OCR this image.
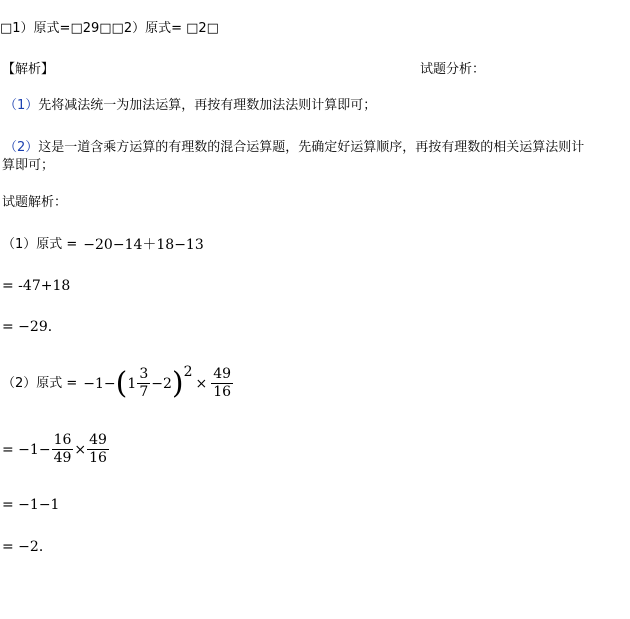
□1）原式=□29□□2）原式= □2□
【解析】	试题分析：
（1）先将减法统一为加法运算，再按有理数加法法则计算即可；
（2）这是一道含乘方运算的有理数的混合运算题，先确定好运算顺序，再按有理数的相关运算法则计
算即可；
试题解析：
（1）原式 = −20−14＋18−13
= -47+18
= −29．
（2）原式 = −1− ( $1 \frac{3}{7} -2$ ) 2
× $\frac{49}{16}$
= $-1- \frac{16}{49} \times \frac{49}{16}$
= −1−1
= −2．
